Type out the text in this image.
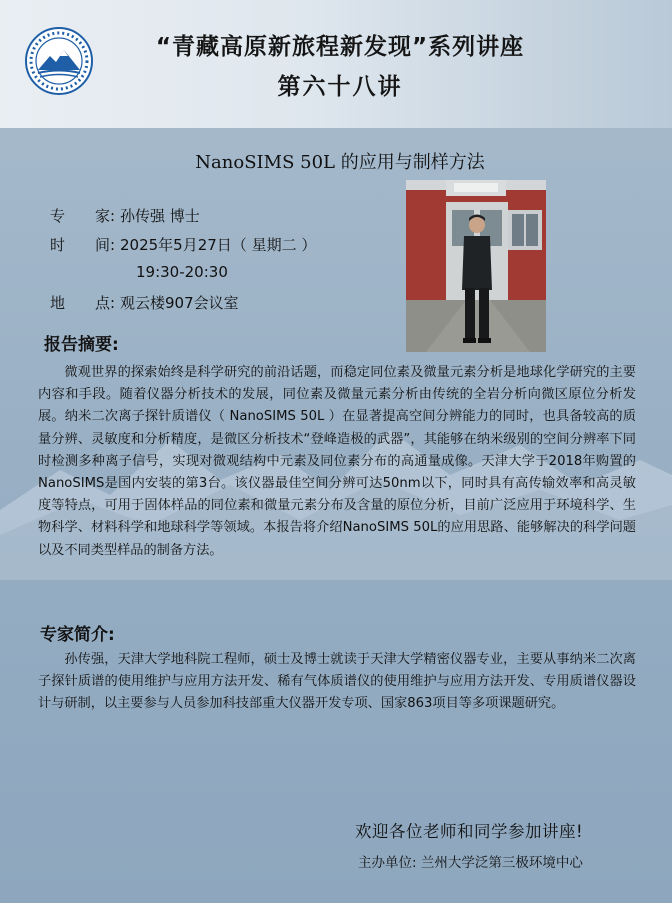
“青藏高原新旅程新发现”系列讲座
第六十八讲
NanoSIMS 50L 的应用与制样方法
专　　家: 孙传强 博士
时　　间: 2025年5月27日（ 星期二 ）
19:30-20:30
地　　点: 观云楼907会议室
报告摘要:
微观世界的探索始终是科学研究的前沿话题，而稳定同位素及微量元素分析是地球化学研究的主要内容和手段。随着仪器分析技术的发展，同位素及微量元素分析由传统的全岩分析向微区原位分析发展。纳米二次离子探针质谱仪（ NanoSIMS 50L ）在显著提高空间分辨能力的同时，也具备较高的质量分辨、灵敏度和分析精度，是微区分析技术“登峰造极的武器”，其能够在纳米级别的空间分辨率下同时检测多种离子信号，实现对微观结构中元素及同位素分布的高通量成像。天津大学于2018年购置的NanoSIMS是国内安装的第3台。该仪器最佳空间分辨可达50nm以下，同时具有高传输效率和高灵敏度等特点，可用于固体样品的同位素和微量元素分布及含量的原位分析，目前广泛应用于环境科学、生物科学、材料科学和地球科学等领域。本报告将介绍NanoSIMS 50L的应用思路、能够解决的科学问题以及不同类型样品的制备方法。
专家简介:
孙传强，天津大学地科院工程师，硕士及博士就读于天津大学精密仪器专业，主要从事纳米二次离子探针质谱的使用维护与应用方法开发、稀有气体质谱仪的使用维护与应用方法开发、专用质谱仪器设计与研制，以主要参与人员参加科技部重大仪器开发专项、国家863项目等多项课题研究。
欢迎各位老师和同学参加讲座!
主办单位: 兰州大学泛第三极环境中心
